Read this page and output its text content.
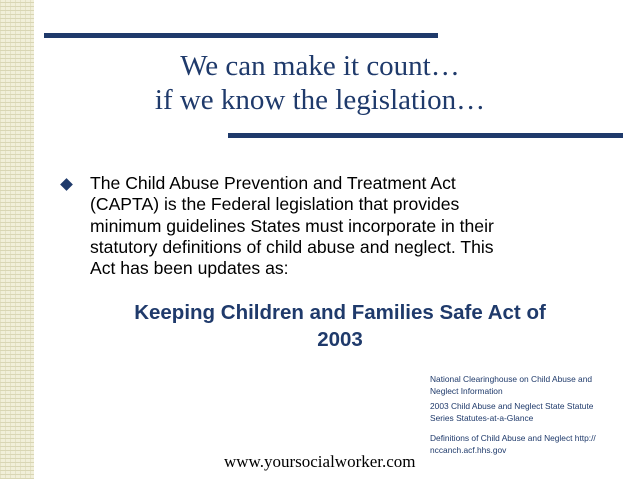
We can make it count…
if we know the legislation…
The Child Abuse Prevention and Treatment Act
(CAPTA) is the Federal legislation that provides
minimum guidelines States must incorporate in their
statutory definitions of child abuse and neglect. This
Act has been updates as:
Keeping Children and Families Safe Act of
2003
National Clearinghouse on Child Abuse and
Neglect Information
2003 Child Abuse and Neglect State Statute
Series Statutes-at-a-Glance
Definitions of Child Abuse and Neglect http://
nccanch.acf.hhs.gov
www.yoursocialworker.com
